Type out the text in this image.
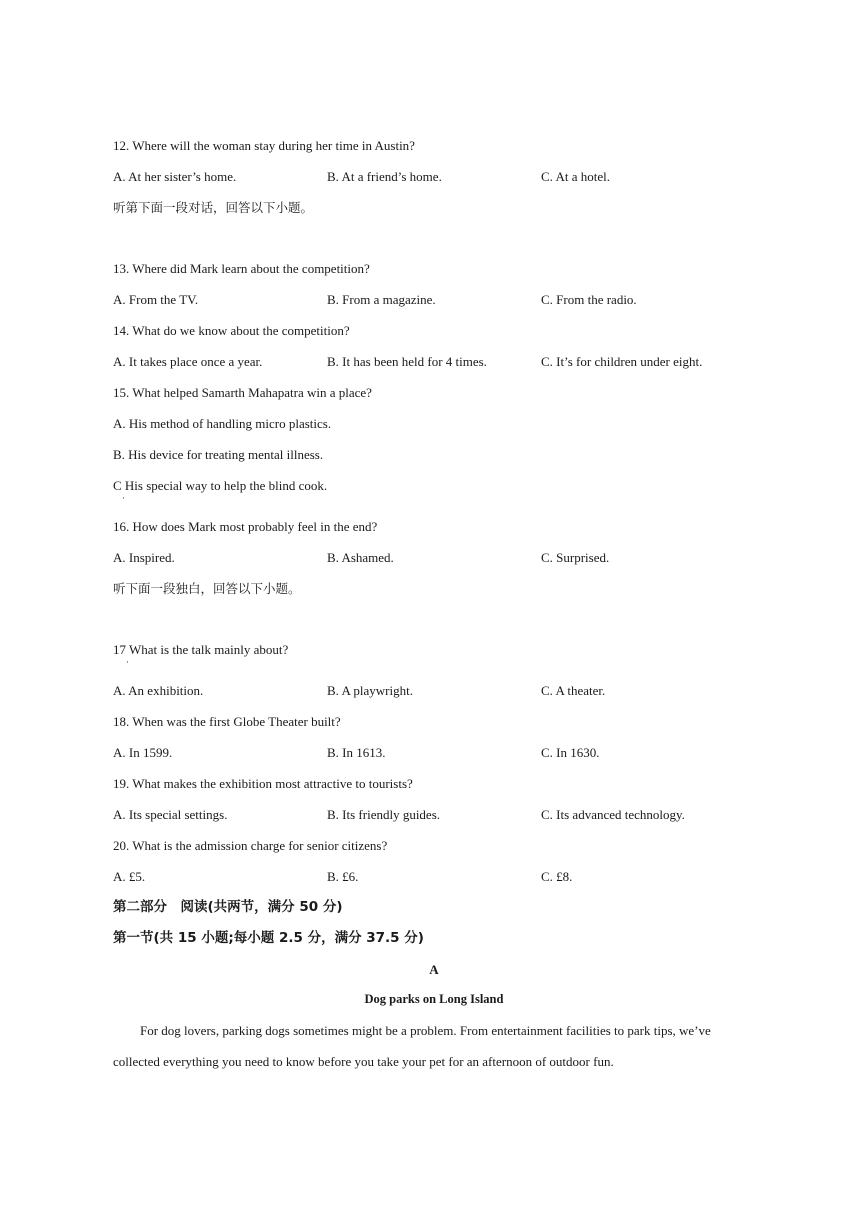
12. Where will the woman stay during her time in Austin?
A. At her sister’s home.	B. At a friend’s home.	C. At a hotel.
听第下面一段对话，回答以下小题。
13. Where did Mark learn about the competition?
A. From the TV.	B. From a magazine.	C. From the radio.
14. What do we know about the competition?
A. It takes place once a year.	B. It has been held for 4 times.	C. It’s for children under eight.
15. What helped Samarth Mahapatra win a place?
A. His method of handling micro plastics.
B. His device for treating mental illness.
C His special way to help the blind cook.
·
16. How does Mark most probably feel in the end?
A. Inspired.	B. Ashamed.	C. Surprised.
听下面一段独白，回答以下小题。
17 What is the talk mainly about?
·
A. An exhibition.	B. A playwright.	C. A theater.
18. When was the first Globe Theater built?
A. In 1599.	B. In 1613.	C. In 1630.
19. What makes the exhibition most attractive to tourists?
A. Its special settings.	B. Its friendly guides.	C. Its advanced technology.
20. What is the admission charge for senior citizens?
A. £5.	B. £6.	C. £8.
第二部分　阅读(共两节，满分 50 分)
第一节(共 15 小题;每小题 2.5 分，满分 37.5 分)
A
Dog parks on Long Island
For dog lovers, parking dogs sometimes might be a problem. From entertainment facilities to park tips, we’ve
collected everything you need to know before you take your pet for an afternoon of outdoor fun.
